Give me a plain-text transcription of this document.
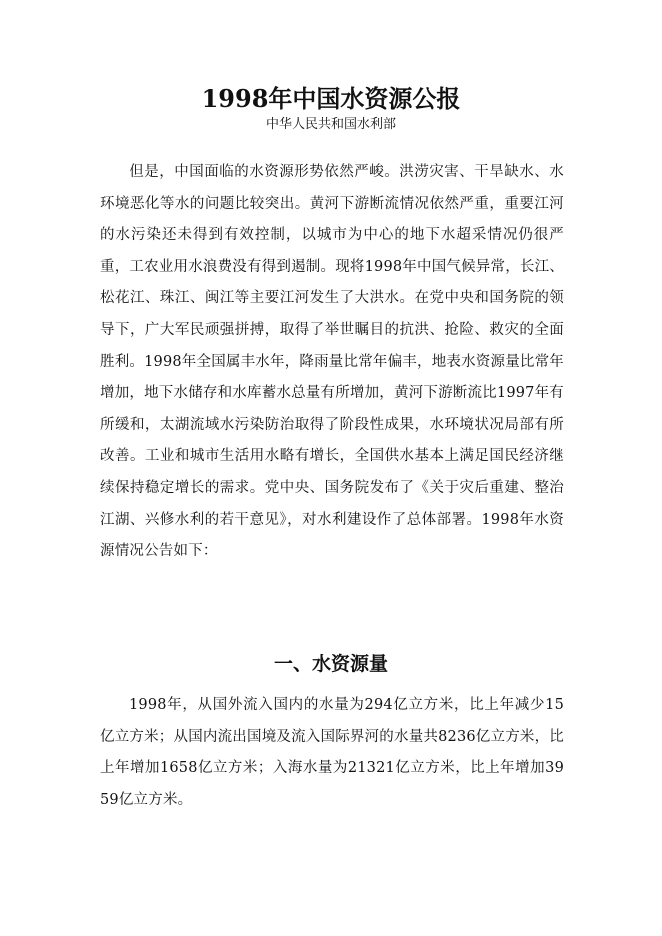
1998年中国水资源公报
中华人民共和国水利部

但是，中国面临的水资源形势依然严峻。洪涝灾害、干旱缺水、水环境恶化等水的问题比较突出。黄河下游断流情况依然严重，重要江河的水污染还未得到有效控制，以城市为中心的地下水超采情况仍很严重，工农业用水浪费没有得到遏制。现将1998年中国气候异常，长江、松花江、珠江、闽江等主要江河发生了大洪水。在党中央和国务院的领导下，广大军民顽强拼搏，取得了举世瞩目的抗洪、抢险、救灾的全面胜利。1998年全国属丰水年，降雨量比常年偏丰，地表水资源量比常年增加，地下水储存和水库蓄水总量有所增加，黄河下游断流比1997年有所缓和，太湖流域水污染防治取得了阶段性成果，水环境状况局部有所改善。工业和城市生活用水略有增长，全国供水基本上满足国民经济继续保持稳定增长的需求。党中央、国务院发布了《关于灾后重建、整治江湖、兴修水利的若干意见》，对水利建设作了总体部署。1998年水资源情况公告如下：

一、水资源量

1998年，从国外流入国内的水量为294亿立方米，比上年减少15亿立方米；从国内流出国境及流入国际界河的水量共8236亿立方米，比上年增加1658亿立方米；入海水量为21321亿立方米，比上年增加3959亿立方米。
